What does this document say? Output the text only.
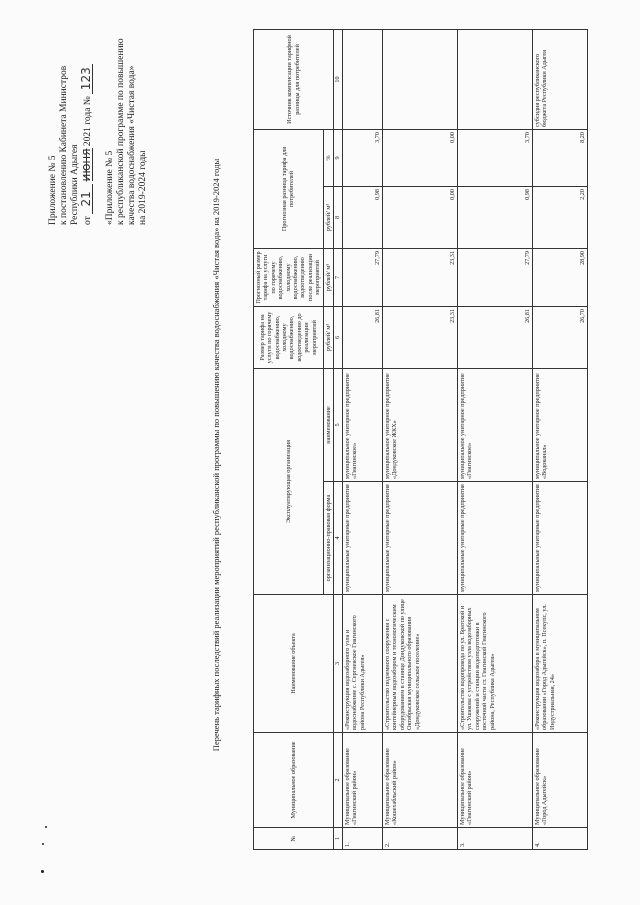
Приложение № 5 к постановлению Кабинета Министров Республики Адыгея от 21 июня 2021 года № 123
«Приложение № 5 к республиканской программе по повышению качества водоснабжения «Чистая вода» на 2019-2024 годы	Перечень тарифных последствий реализации мероприятий республиканской программы по повышению качества водоснабжения «Чистая вода» на 2019-2024 годы
№	Муниципальное образование	Наименование объекта	Эксплуатирующая организация		Размер тарифа на услуги по горячему водоснабжению, холодному водоснабжению, водоотведению до реализации мероприятий	Прогнозный размер тарифа на услуги по горячему водоснабжению, холодному водоснабжению, водоотведению после реализации мероприятий	Прогнозная разница тарифа для потребителей		Источник компенсации тарифной разницы для потребителей
			организационно-правовая форма	наименование	рублей/ м³	рублей/ м³	рублей/ м³	%	
1	2	3	4	5	6	7	8	9	10
1.	Муниципальное образование «Гиагинский район»	«Реконструкция водозаборного узла и водоснабжение с. Сергиевское Гиагинского района Республики Адыгея»	муниципальные унитарные предприятия	муниципальное унитарное предприятие «Гиагинское»	26,81	27,79	0,98	3,70	
2.	Муниципальное образование «Кошехабльский район»	«Строительство подземного сооружения с контейнерным водозабором и технологическим оборудованием в станице Дондуковской по улице Октябрьская муниципального образования «Дондуковское сельское поселение»	муниципальные унитарные предприятия	муниципальное унитарное предприятие «Дондуковское ЖКХ»	23,31	23,31	0,00	0,00	
3.	Муниципальное образование «Гиагинский район»	«Строительство водопровода по ул. Братской и ул. Ушакова с устройством узла водозаборных сооружений и станции водоподготовки в восточной части ст. Гиагинской Гиагинского района, Республика Адыгея»	муниципальные унитарные предприятия	муниципальное унитарное предприятие «Гиагинское»	26,81	27,79	0,98	3,70	
4.	Муниципальное образование «Город Адыгейск»	«Реконструкция водозабора в муниципальном образовании «Город Адыгейск», п. Псекупс, ул. Индустриальная, 24»	муниципальные унитарные предприятия	муниципальное унитарное предприятие «Водоканал»	26,70	28,90	2,20	8,20	субсидия республиканского бюджета Республики Адыгея
